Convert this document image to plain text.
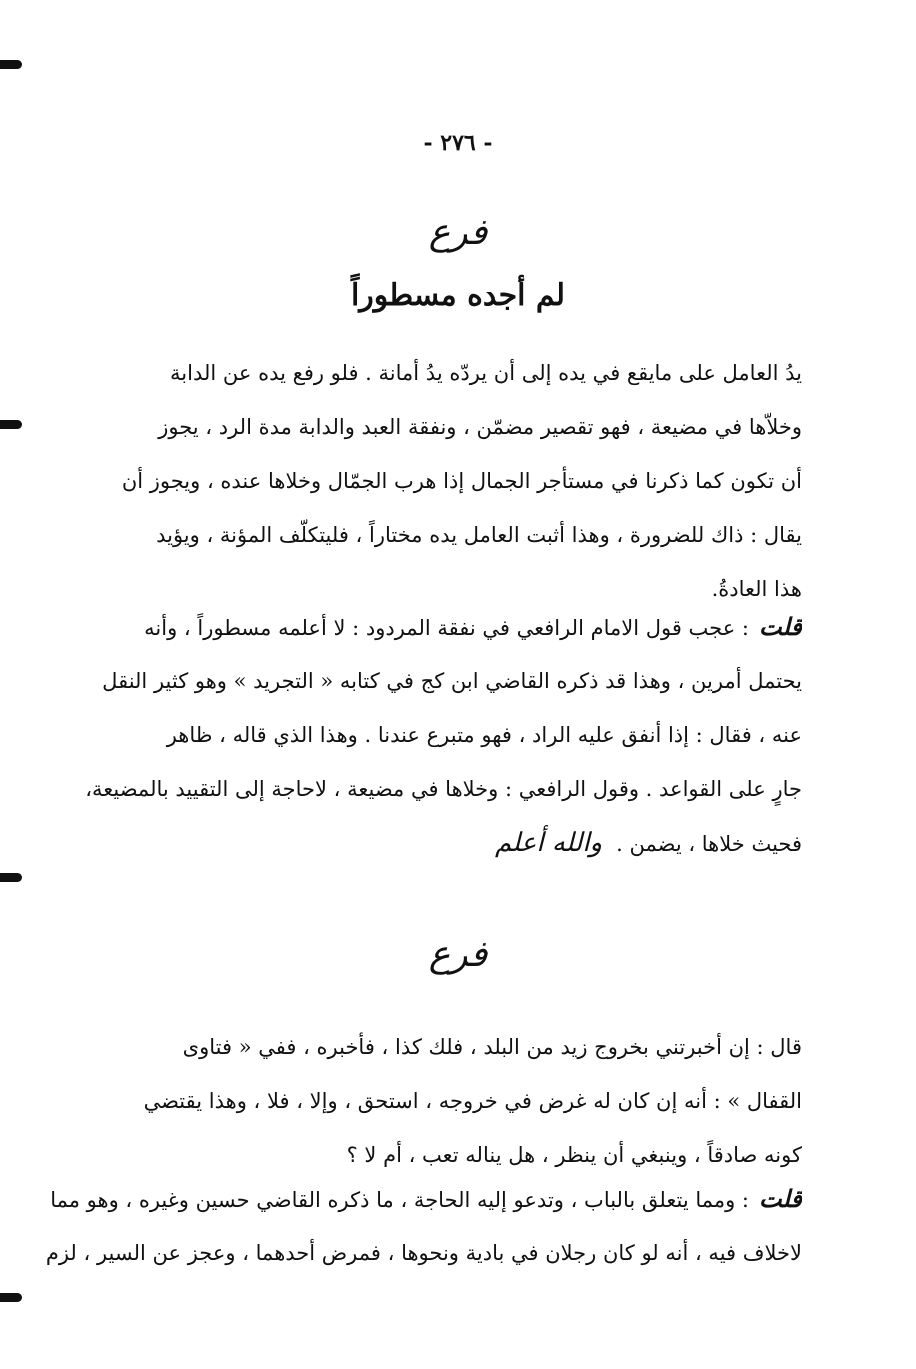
- ٢٧٦ -
فرع
لم أجده مسطوراً
يدُ العامل على مايقع في يده إلى أن يردّه يدُ أمانة . فلو رفع يده عن الدابة
وخلاّها في مضيعة ، فهو تقصير مضمّن ، ونفقة العبد والدابة مدة الرد ، يجوز
أن تكون كما ذكرنا في مستأجر الجمال إذا هرب الجمّال وخلاها عنده ، ويجوز أن
يقال : ذاك للضرورة ، وهذا أثبت العامل يده مختاراً ، فليتكلّف المؤنة ، ويؤيد
هذا العادةُ.
قلت: عجب قول الامام الرافعي في نفقة المردود : لا أعلمه مسطوراً ، وأنه
يحتمل أمرين ، وهذا قد ذكره القاضي ابن كج في كتابه « التجريد » وهو كثير النقل
عنه ، فقال : إذا أنفق عليه الراد ، فهو متبرع عندنا . وهذا الذي قاله ، ظاهر
جارٍ على القواعد . وقول الرافعي : وخلاها في مضيعة ، لاحاجة إلى التقييد بالمضيعة،
فحيث خلاها ، يضمن .والله أعلم
فرع
قال : إن أخبرتني بخروج زيد من البلد ، فلك كذا ، فأخبره ، ففي « فتاوى
القفال » : أنه إن كان له غرض في خروجه ، استحق ، وإلا ، فلا ، وهذا يقتضي
كونه صادقاً ، وينبغي أن ينظر ، هل يناله تعب ، أم لا ؟
قلت: ومما يتعلق بالباب ، وتدعو إليه الحاجة ، ما ذكره القاضي حسين وغيره ، وهو مما
لاخلاف فيه ، أنه لو كان رجلان في بادية ونحوها ، فمرض أحدهما ، وعجز عن السير ، لزم
